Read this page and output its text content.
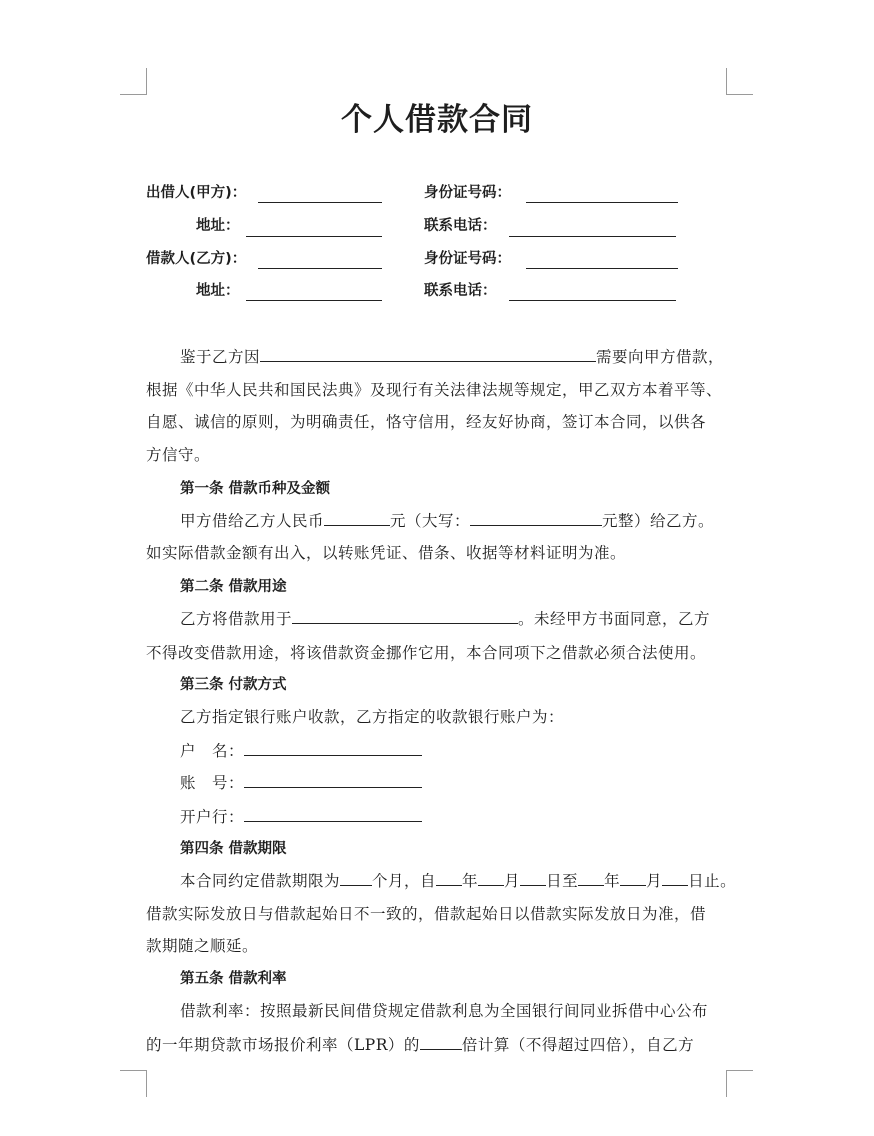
个人借款合同
出借人(甲方)：	身份证号码：
地址：	联系电话：
借款人(乙方)：	身份证号码：
地址：	联系电话：
鉴于乙方因	需要向甲方借款，
根据《中华人民共和国民法典》及现行有关法律法规等规定，甲乙双方本着平等、
自愿、诚信的原则，为明确责任，恪守信用，经友好协商，签订本合同，以供各
方信守。
第一条 借款币种及金额
甲方借给乙方人民币	元（大写：	元整）给乙方。
如实际借款金额有出入，以转账凭证、借条、收据等材料证明为准。
第二条 借款用途
乙方将借款用于	。未经甲方书面同意，乙方
不得改变借款用途，将该借款资金挪作它用，本合同项下之借款必须合法使用。
第三条 付款方式
乙方指定银行账户收款，乙方指定的收款银行账户为：
户　名：
账　号：
开户行：
第四条 借款期限
本合同约定借款期限为 个月，自 年 月 日至 年 月 日止。
借款实际发放日与借款起始日不一致的，借款起始日以借款实际发放日为准，借
款期随之顺延。
第五条 借款利率
借款利率：按照最新民间借贷规定借款利息为全国银行间同业拆借中心公布
的一年期贷款市场报价利率（LPR）的	倍计算（不得超过四倍），自乙方
